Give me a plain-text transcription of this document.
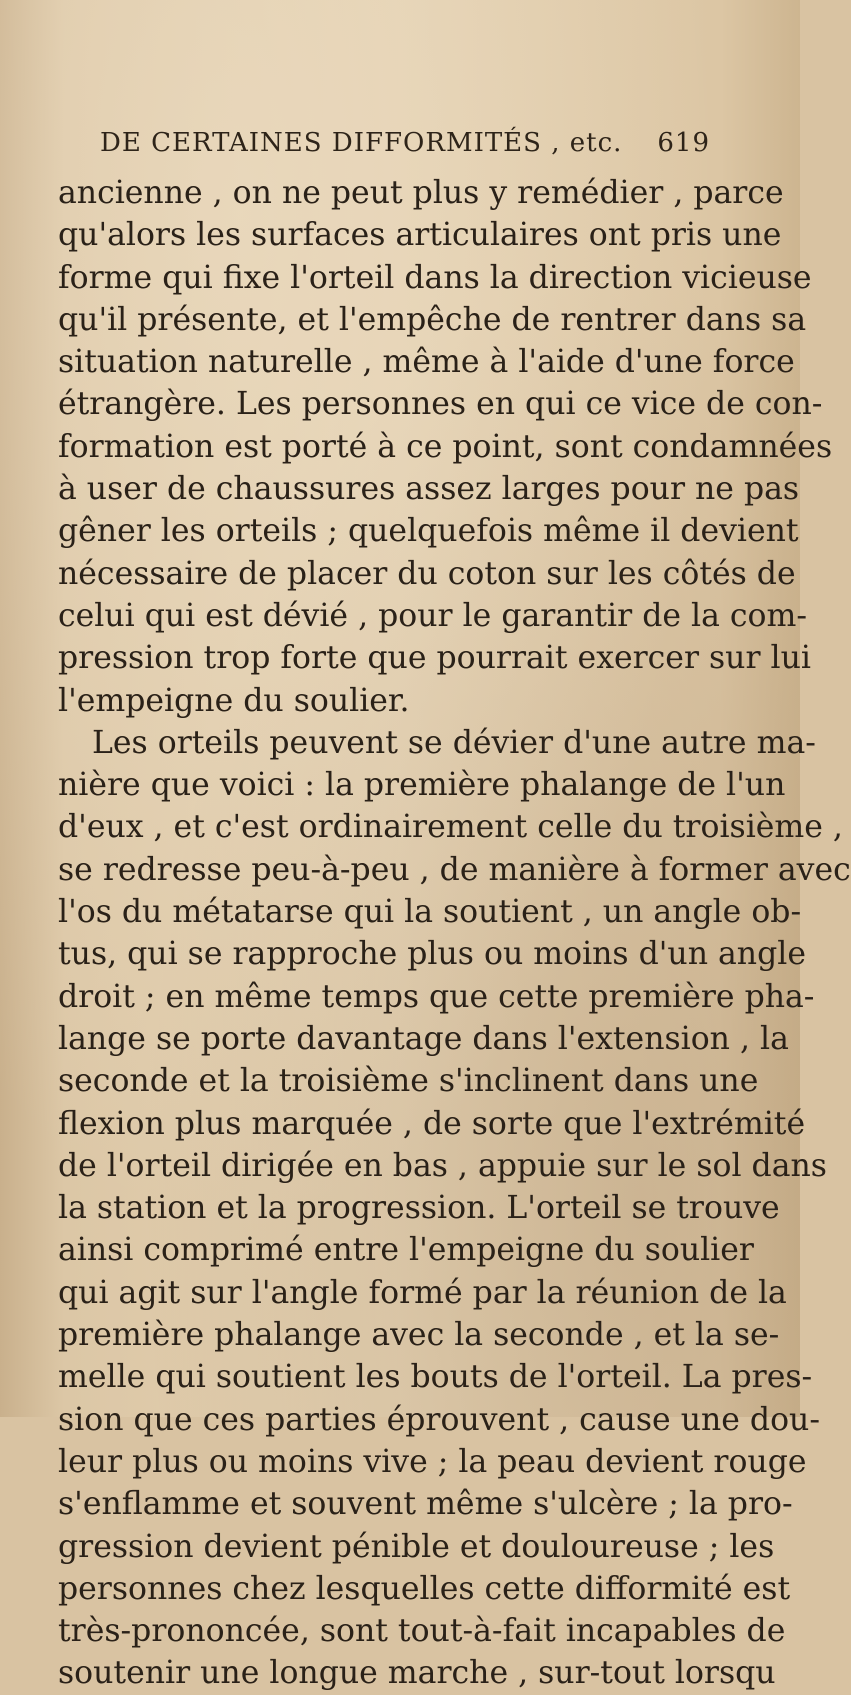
DE CERTAINES DIFFORMITÉS , etc. 619
ancienne , on ne peut plus y remédier , parce
qu'alors les surfaces articulaires ont pris une
forme qui fixe l'orteil dans la direction vicieuse
qu'il présente, et l'empêche de rentrer dans sa
situation naturelle , même à l'aide d'une force
étrangère. Les personnes en qui ce vice de con-
formation est porté à ce point, sont condamnées
à user de chaussures assez larges pour ne pas
gêner les orteils ; quelquefois même il devient
nécessaire de placer du coton sur les côtés de
celui qui est dévié , pour le garantir de la com-
pression trop forte que pourrait exercer sur lui
l'empeigne du soulier.
Les orteils peuvent se dévier d'une autre ma-
nière que voici : la première phalange de l'un
d'eux , et c'est ordinairement celle du troisième ,
se redresse peu-à-peu , de manière à former avec
l'os du métatarse qui la soutient , un angle ob-
tus, qui se rapproche plus ou moins d'un angle
droit ; en même temps que cette première pha-
lange se porte davantage dans l'extension , la
seconde et la troisième s'inclinent dans une
flexion plus marquée , de sorte que l'extrémité
de l'orteil dirigée en bas , appuie sur le sol dans
la station et la progression. L'orteil se trouve
ainsi comprimé entre l'empeigne du soulier
qui agit sur l'angle formé par la réunion de la
première phalange avec la seconde , et la se-
melle qui soutient les bouts de l'orteil. La pres-
sion que ces parties éprouvent , cause une dou-
leur plus ou moins vive ; la peau devient rouge
s'enflamme et souvent même s'ulcère ; la pro-
gression devient pénible et douloureuse ; les
personnes chez lesquelles cette difformité est
très-prononcée, sont tout-à-fait incapables de
soutenir une longue marche , sur-tout lorsqu
